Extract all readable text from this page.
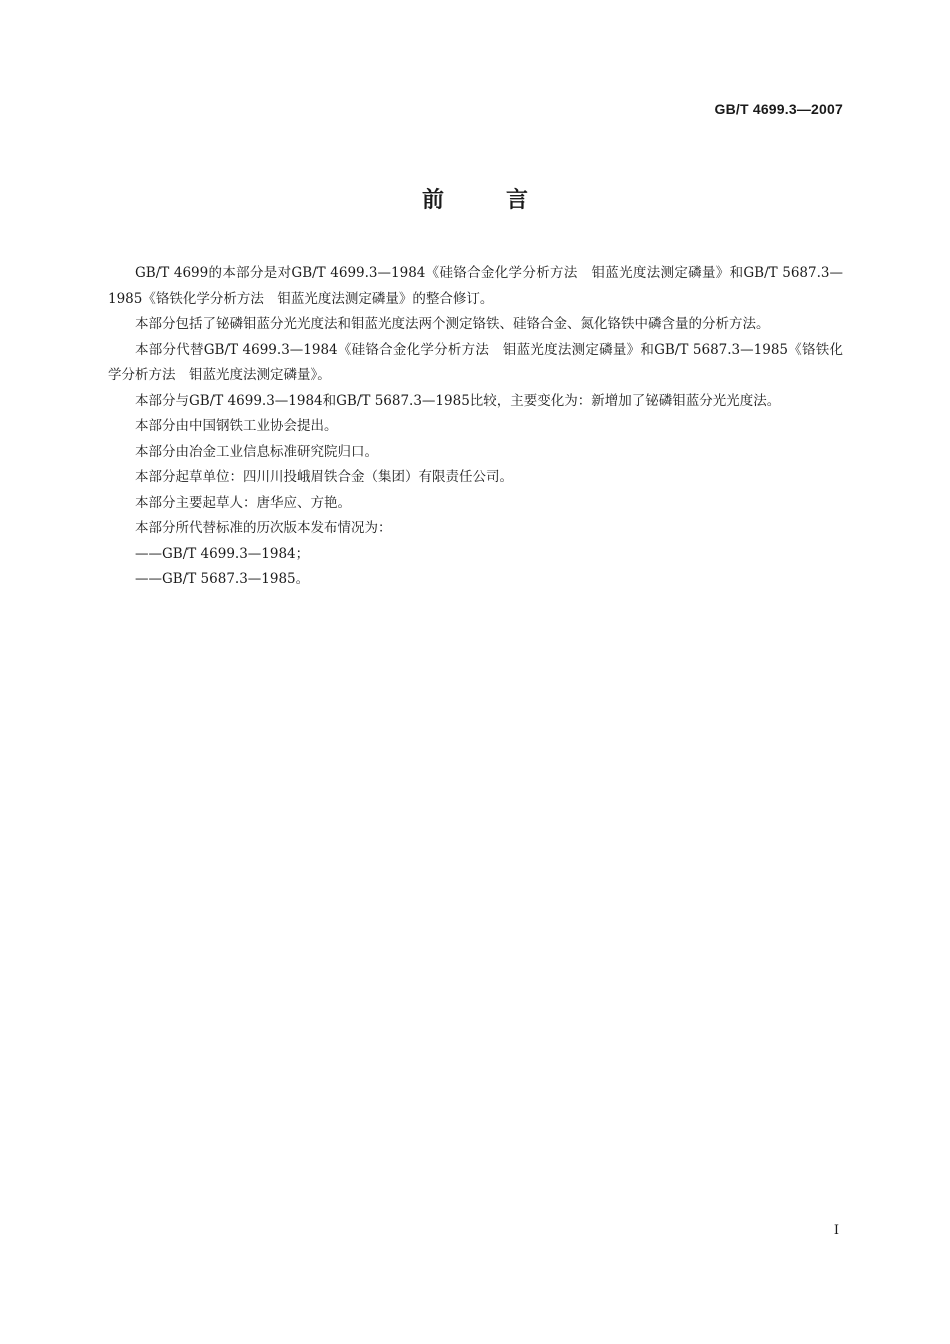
GB/T 4699.3—2007
前言

GB/T 4699的本部分是对GB/T 4699.3—1984《硅铬合金化学分析方法　钼蓝光度法测定磷量》和GB/T 5687.3—1985《铬铁化学分析方法　钼蓝光度法测定磷量》的整合修订。

本部分包括了铋磷钼蓝分光光度法和钼蓝光度法两个测定铬铁、硅铬合金、氮化铬铁中磷含量的分析方法。

本部分代替GB/T 4699.3—1984《硅铬合金化学分析方法　钼蓝光度法测定磷量》和GB/T 5687.3—1985《铬铁化学分析方法　钼蓝光度法测定磷量》。

本部分与GB/T 4699.3—1984和GB/T 5687.3—1985比较，主要变化为：新增加了铋磷钼蓝分光光度法。

本部分由中国钢铁工业协会提出。

本部分由冶金工业信息标准研究院归口。

本部分起草单位：四川川投峨眉铁合金（集团）有限责任公司。

本部分主要起草人：唐华应、方艳。

本部分所代替标准的历次版本发布情况为：

——GB/T 4699.3—1984；

——GB/T 5687.3—1985。

I
